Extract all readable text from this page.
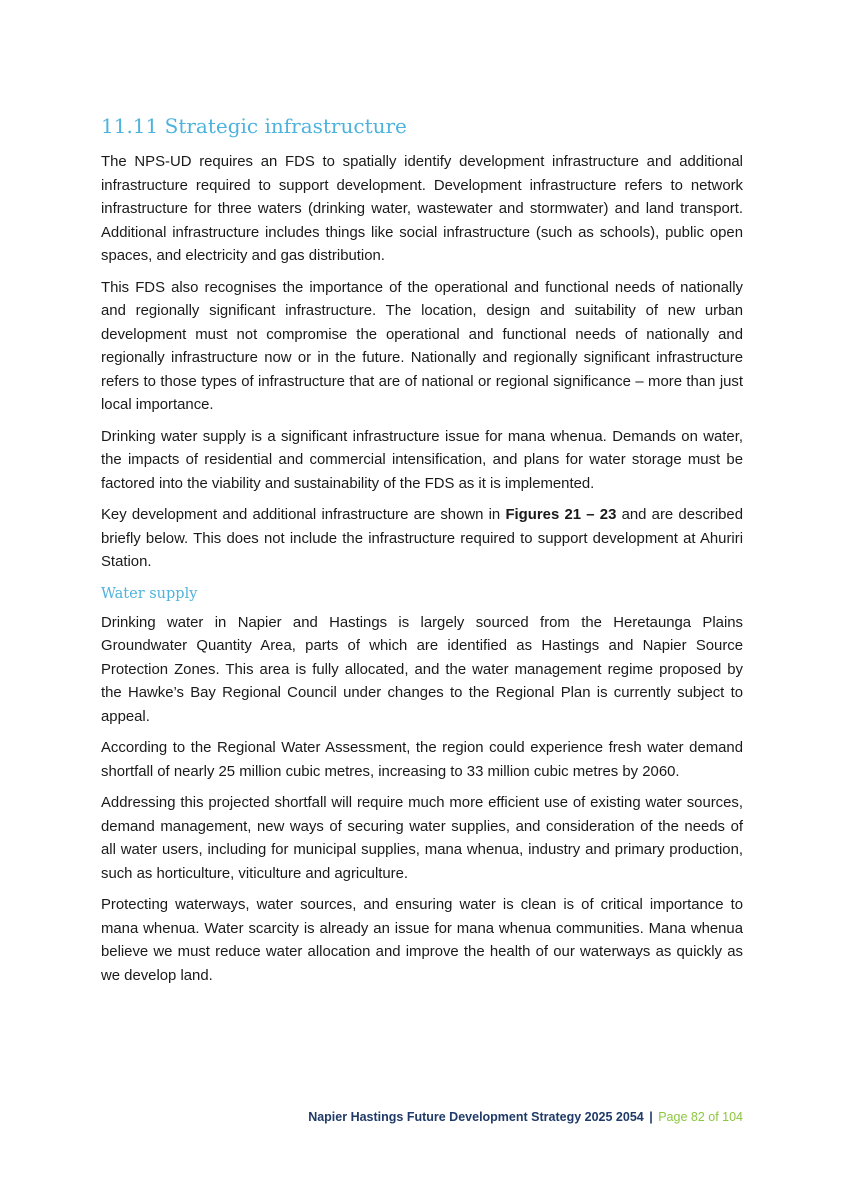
11.11 Strategic infrastructure

The NPS-UD requires an FDS to spatially identify development infrastructure and additional infrastructure required to support development. Development infrastructure refers to network infrastructure for three waters (drinking water, wastewater and stormwater) and land transport. Additional infrastructure includes things like social infrastructure (such as schools), public open spaces, and electricity and gas distribution.

This FDS also recognises the importance of the operational and functional needs of nationally and regionally significant infrastructure. The location, design and suitability of new urban development must not compromise the operational and functional needs of nationally and regionally infrastructure now or in the future. Nationally and regionally significant infrastructure refers to those types of infrastructure that are of national or regional significance – more than just local importance.

Drinking water supply is a significant infrastructure issue for mana whenua. Demands on water, the impacts of residential and commercial intensification, and plans for water storage must be factored into the viability and sustainability of the FDS as it is implemented.

Key development and additional infrastructure are shown in Figures 21 – 23 and are described briefly below. This does not include the infrastructure required to support development at Ahuriri Station.

Water supply

Drinking water in Napier and Hastings is largely sourced from the Heretaunga Plains Groundwater Quantity Area, parts of which are identified as Hastings and Napier Source Protection Zones. This area is fully allocated, and the water management regime proposed by the Hawke’s Bay Regional Council under changes to the Regional Plan is currently subject to appeal.

According to the Regional Water Assessment, the region could experience fresh water demand shortfall of nearly 25 million cubic metres, increasing to 33 million cubic metres by 2060.

Addressing this projected shortfall will require much more efficient use of existing water sources, demand management, new ways of securing water supplies, and consideration of the needs of all water users, including for municipal supplies, mana whenua, industry and primary production, such as horticulture, viticulture and agriculture.

Protecting waterways, water sources, and ensuring water is clean is of critical importance to mana whenua. Water scarcity is already an issue for mana whenua communities. Mana whenua believe we must reduce water allocation and improve the health of our waterways as quickly as we develop land.

Napier Hastings Future Development Strategy 2025 2054 | Page 82 of 104
